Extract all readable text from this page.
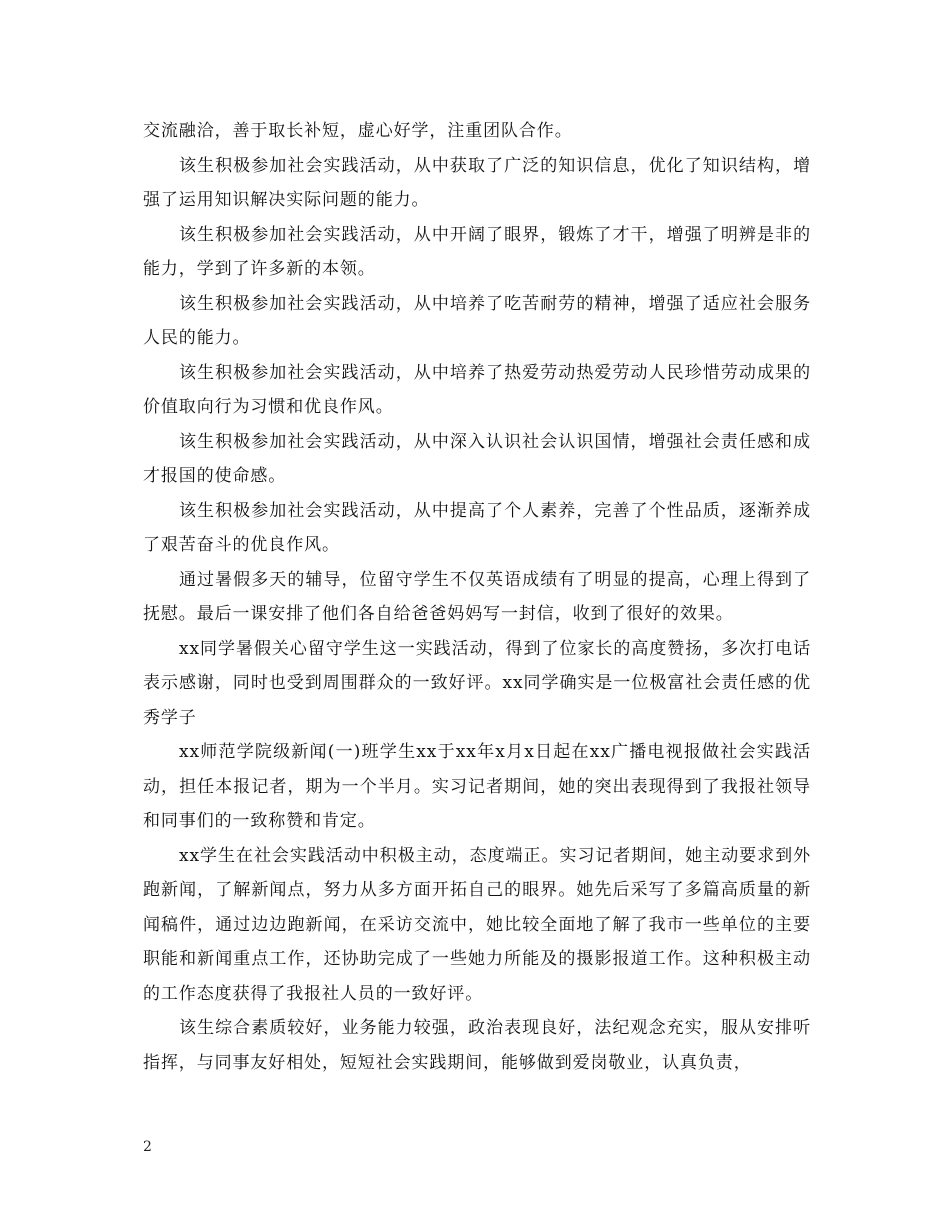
交流融洽，善于取长补短，虚心好学，注重团队合作。

该生积极参加社会实践活动，从中获取了广泛的知识信息，优化了知识结构，增强了运用知识解决实际问题的能力。

该生积极参加社会实践活动，从中开阔了眼界，锻炼了才干，增强了明辨是非的能力，学到了许多新的本领。

该生积极参加社会实践活动，从中培养了吃苦耐劳的精神，增强了适应社会服务人民的能力。

该生积极参加社会实践活动，从中培养了热爱劳动热爱劳动人民珍惜劳动成果的价值取向行为习惯和优良作风。

该生积极参加社会实践活动，从中深入认识社会认识国情，增强社会责任感和成才报国的使命感。

该生积极参加社会实践活动，从中提高了个人素养，完善了个性品质，逐渐养成了艰苦奋斗的优良作风。

通过暑假多天的辅导，位留守学生不仅英语成绩有了明显的提高，心理上得到了抚慰。最后一课安排了他们各自给爸爸妈妈写一封信，收到了很好的效果。

xx同学暑假关心留守学生这一实践活动，得到了位家长的高度赞扬，多次打电话表示感谢，同时也受到周围群众的一致好评。xx同学确实是一位极富社会责任感的优秀学子

xx师范学院级新闻(一)班学生xx于xx年x月x日起在xx广播电视报做社会实践活动，担任本报记者，期为一个半月。实习记者期间，她的突出表现得到了我报社领导和同事们的一致称赞和肯定。

xx学生在社会实践活动中积极主动，态度端正。实习记者期间，她主动要求到外跑新闻，了解新闻点，努力从多方面开拓自己的眼界。她先后采写了多篇高质量的新闻稿件，通过边边跑新闻，在采访交流中，她比较全面地了解了我市一些单位的主要职能和新闻重点工作，还协助完成了一些她力所能及的摄影报道工作。这种积极主动的工作态度获得了我报社人员的一致好评。

该生综合素质较好，业务能力较强，政治表现良好，法纪观念充实，服从安排听指挥，与同事友好相处，短短社会实践期间，能够做到爱岗敬业，认真负责，

2
